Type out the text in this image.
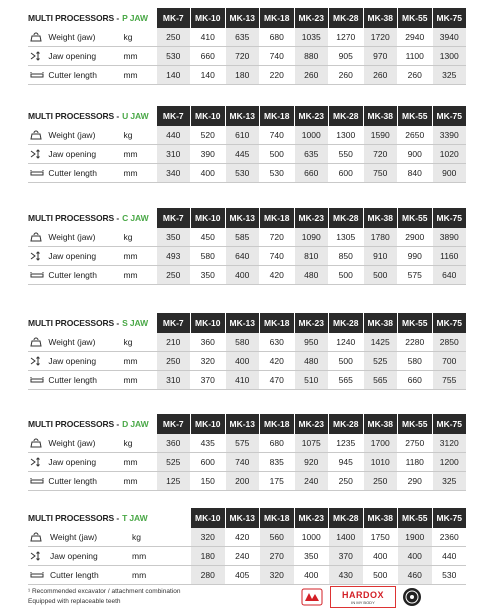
MULTI PROCESSORS - P JAW	MK-7	MK-10	MK-13	MK-18	MK-23	MK-28	MK-38	MK-55	MK-75
Weight (jaw)	kg	250	410	635	680	1035	1270	1720	2940	3940
Jaw opening	mm	530	660	720	740	880	905	970	1100	1300
Cutter length	mm	140	140	180	220	260	260	260	260	325
MULTI PROCESSORS - U JAW	MK-7	MK-10	MK-13	MK-18	MK-23	MK-28	MK-38	MK-55	MK-75
Weight (jaw)	kg	440	520	610	740	1000	1300	1590	2650	3390
Jaw opening	mm	310	390	445	500	635	550	720	900	1020
Cutter length	mm	340	400	530	530	660	600	750	840	900
MULTI PROCESSORS - C JAW	MK-7	MK-10	MK-13	MK-18	MK-23	MK-28	MK-38	MK-55	MK-75
Weight (jaw)	kg	350	450	585	720	1090	1305	1780	2900	3890
Jaw opening	mm	493	580	640	740	810	850	910	990	1160
Cutter length	mm	250	350	400	420	480	500	500	575	640
MULTI PROCESSORS - S JAW	MK-7	MK-10	MK-13	MK-18	MK-23	MK-28	MK-38	MK-55	MK-75
Weight (jaw)	kg	210	360	580	630	950	1240	1425	2280	2850
Jaw opening	mm	250	320	400	420	480	500	525	580	700
Cutter length	mm	310	370	410	470	510	565	565	660	755
MULTI PROCESSORS - D JAW	MK-7	MK-10	MK-13	MK-18	MK-23	MK-28	MK-38	MK-55	MK-75
Weight (jaw)	kg	360	435	575	680	1075	1235	1700	2750	3120
Jaw opening	mm	525	600	740	835	920	945	1010	1180	1200
Cutter length	mm	125	150	200	175	240	250	250	290	325
MULTI PROCESSORS - T JAW	MK-10	MK-13	MK-18	MK-23	MK-28	MK-38	MK-55	MK-75
Weight (jaw)	kg	320	420	560	1000	1400	1750	1900	2360
Jaw opening	mm	180	240	270	350	370	400	400	440
Cutter length	mm	280	405	320	400	430	500	460	530
¹ Recommended excavator / attachment combination
Equipped with replaceable teeth
HARDOX
IN MY BODY
